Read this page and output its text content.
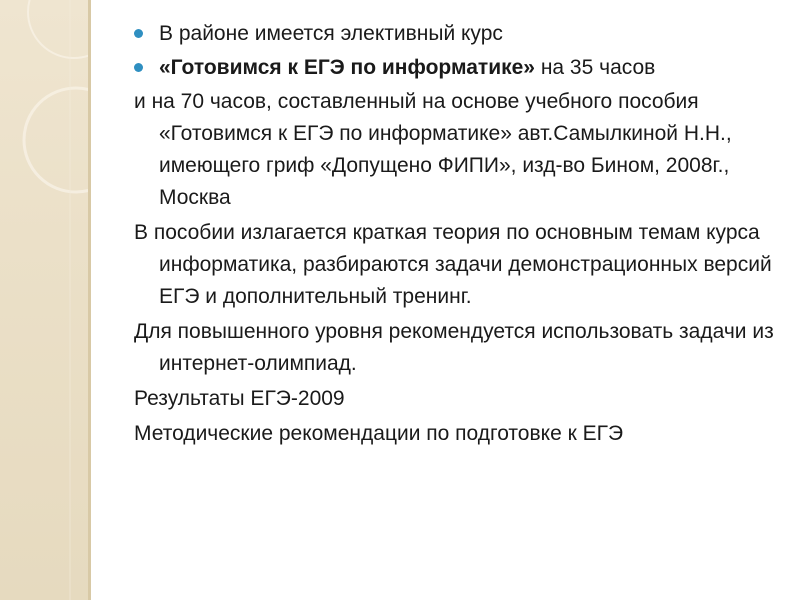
В районе имеется элективный курс
«Готовимся к ЕГЭ по информатике» на 35 часов
и на 70 часов, составленный на основе учебного пособия «Готовимся к ЕГЭ по информатике» авт.Самылкиной Н.Н., имеющего гриф «Допущено ФИПИ», изд-во Бином, 2008г., Москва
В пособии излагается краткая теория по основным темам курса информатика, разбираются задачи демонстрационных версий ЕГЭ и дополнительный тренинг.
Для повышенного уровня рекомендуется использовать задачи из интернет-олимпиад.
Результаты ЕГЭ-2009
Методические рекомендации по подготовке к ЕГЭ
